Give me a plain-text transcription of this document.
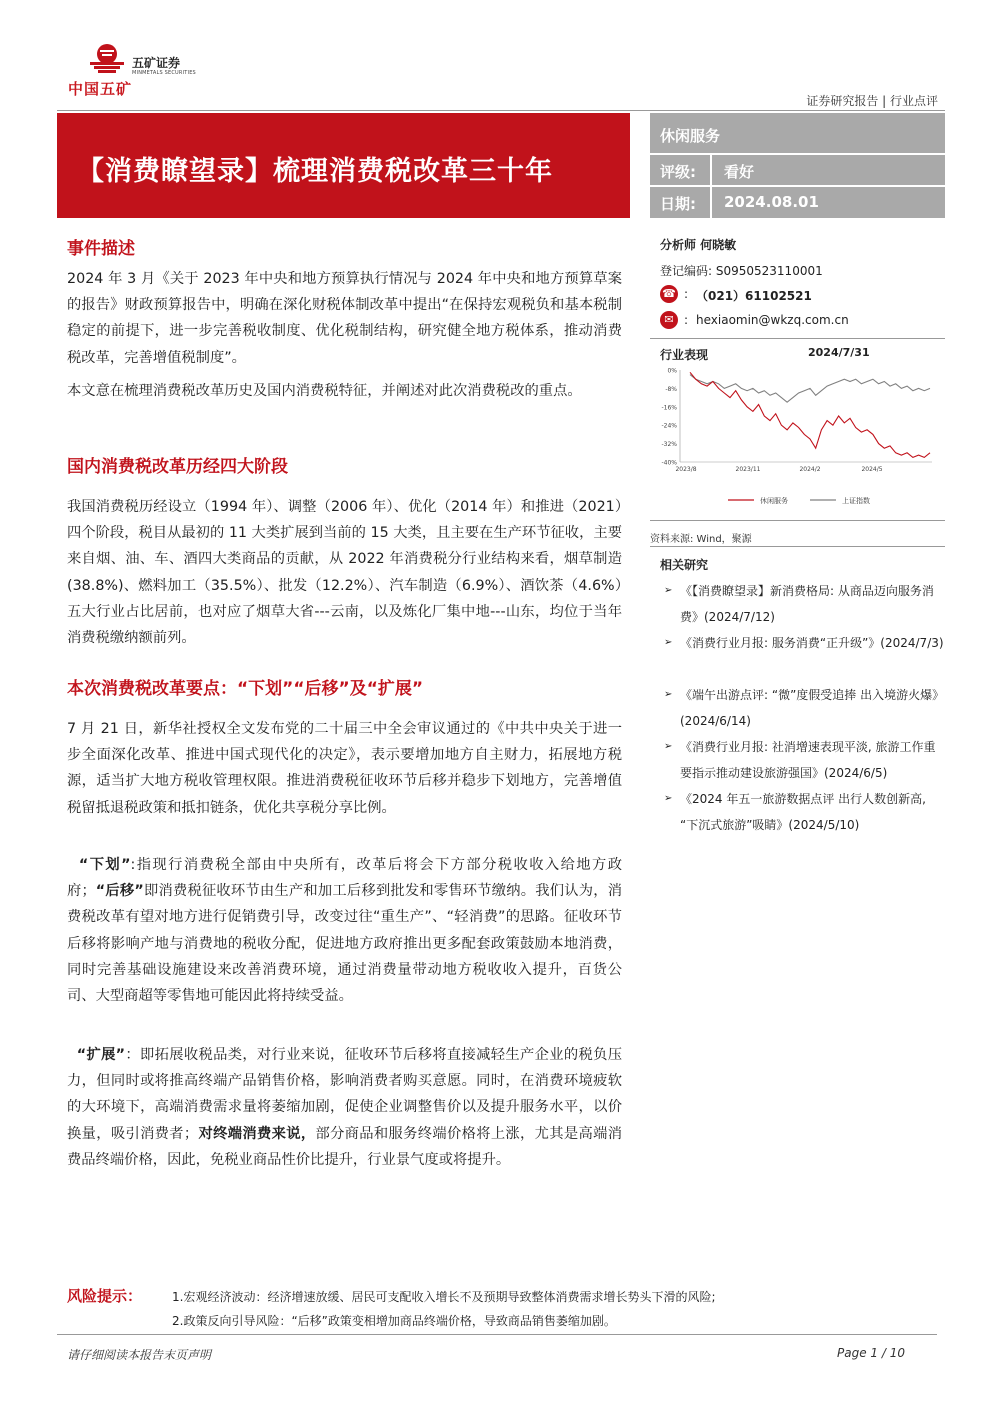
中国五矿
五矿证券
MINMETALS SECURITIES
证券研究报告 | 行业点评
【消费瞭望录】梳理消费税改革三十年
休闲服务
评级: 看好
日期: 2024.08.01
事件描述

2024 年 3 月《关于 2023 年中央和地方预算执行情况与 2024 年中央和地方预算草案的报告》财政预算报告中，明确在深化财税体制改革中提出“在保持宏观税负和基本税制稳定的前提下，进一步完善税收制度、优化税制结构，研究健全地方税体系，推动消费税改革，完善增值税制度”。

本文意在梳理消费税改革历史及国内消费税特征，并阐述对此次消费税改的重点。

国内消费税改革历经四大阶段

我国消费税历经设立（1994 年）、调整（2006 年）、优化（2014 年）和推进（2021）四个阶段，税目从最初的 11 大类扩展到当前的 15 大类，且主要在生产环节征收，主要来自烟、油、车、酒四大类商品的贡献，从 2022 年消费税分行业结构来看，烟草制造(38.8%)、燃料加工（35.5%）、批发（12.2%）、汽车制造（6.9%）、酒饮茶（4.6%）五大行业占比居前，也对应了烟草大省---云南，以及炼化厂集中地---山东，均位于当年消费税缴纳额前列。

本次消费税改革要点：“下划”“后移”及“扩展”

7 月 21 日，新华社授权全文发布党的二十届三中全会审议通过的《中共中央关于进一步全面深化改革、推进中国式现代化的决定》，表示要增加地方自主财力，拓展地方税源，适当扩大地方税收管理权限。推进消费税征收环节后移并稳步下划地方，完善增值税留抵退税政策和抵扣链条，优化共享税分享比例。

“下划”:指现行消费税全部由中央所有，改革后将会下方部分税收收入给地方政府；“后移”即消费税征收环节由生产和加工后移到批发和零售环节缴纳。我们认为，消费税改革有望对地方进行促销费引导，改变过往“重生产”、“轻消费”的思路。征收环节后移将影响产地与消费地的税收分配，促进地方政府推出更多配套政策鼓励本地消费，同时完善基础设施建设来改善消费环境，通过消费量带动地方税收收入提升，百货公司、大型商超等零售地可能因此将持续受益。

“扩展”：即拓展收税品类，对行业来说，征收环节后移将直接减轻生产企业的税负压力，但同时或将推高终端产品销售价格，影响消费者购买意愿。同时，在消费环境疲软的大环境下，高端消费需求量将萎缩加剧，促使企业调整售价以及提升服务水平，以价换量，吸引消费者；对终端消费来说，部分商品和服务终端价格将上涨，尤其是高端消费品终端价格，因此，免税业商品性价比提升，行业景气度或将提升。

分析师 何晓敏
登记编码: S0950523110001
☎ : （021）61102521
✉ : hexiaomin@wkzq.com.cn
行业表现	2024/7/31
0%
-8%
-16%
-24%
-32%
-40%
2023/8	2023/11	2024/2	2024/5
休闲服务	上证指数
资料来源: Wind，聚源
相关研究
➢ 《【消费瞭望录】新消费格局: 从商品迈向服务消费》(2024/7/12)
➢ 《消费行业月报: 服务消费“正升级”》(2024/7/3)
➢ 《端午出游点评: “微”度假受追捧 出入境游火爆》(2024/6/14)
➢ 《消费行业月报: 社消增速表现平淡, 旅游工作重要指示推动建设旅游强国》(2024/6/5)
➢ 《2024 年五一旅游数据点评 出行人数创新高, “下沉式旅游”吸睛》(2024/5/10)
风险提示： 1.宏观经济波动：经济增速放缓、居民可支配收入增长不及预期导致整体消费需求增长势头下滑的风险;
2.政策反向引导风险：“后移”政策变相增加商品终端价格，导致商品销售萎缩加剧。
请仔细阅读本报告末页声明	Page 1 / 10
